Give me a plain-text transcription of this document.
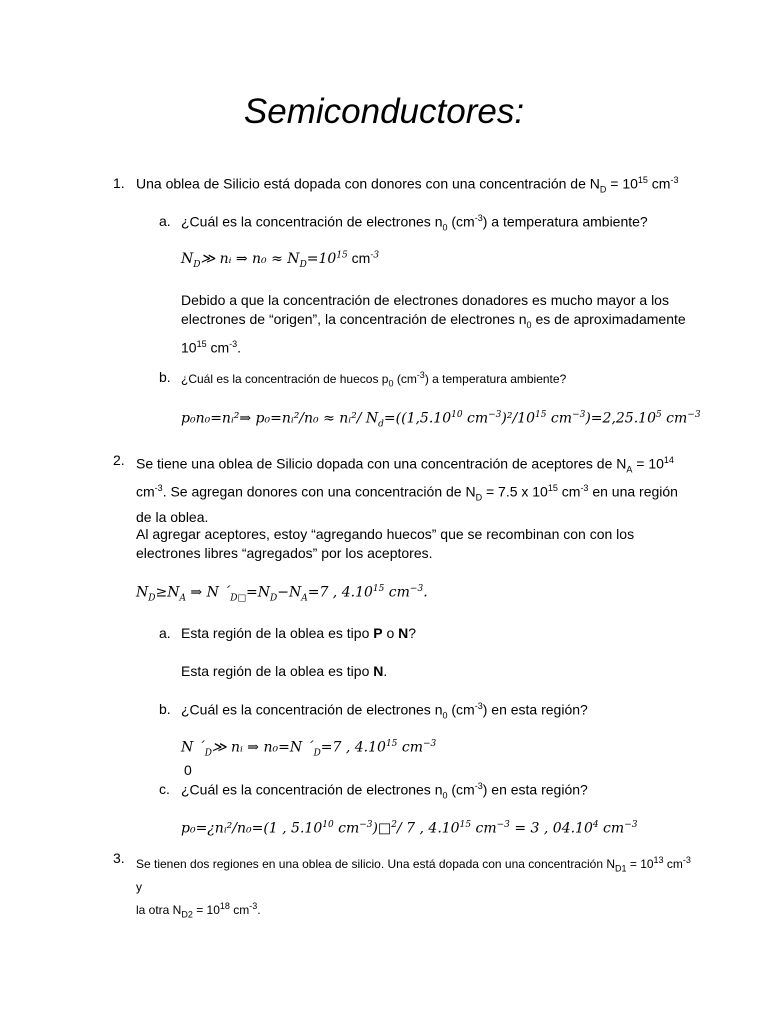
Semiconductores:
1. Una oblea de Silicio está dopada con donores con una concentración de $N_D = 10^{15}$ $cm^{-3}$
a. ¿Cuál es la concentración de electrones $n_0$ $(cm^{-3})$ a temperatura ambiente?
$N_D≫$ nᵢ ⇒ $n_0 \approx N_D=10^{15}$ $cm^{-3}$
Debido a que la concentración de electrones donadores es mucho mayor a los
electrones de “origen”, la concentración de electrones $n_0$ es de aproximadamente
$10^{15}$ $cm^{-3}$.
b. ¿Cuál es la concentración de huecos $p_0$ $(cm^{-3})$ a temperatura ambiente?
p₀n₀=nᵢ²⇒ p₀=nᵢ²/n₀ ≈ nᵢ²/ $N_d=((1,5.10^{10}$ $cm^{-3})^2/10^{15}$ $cm^{-3})=2,25.10^5$ $cm^{-3}$
2. Se tiene una oblea de Silicio dopada con una concentración de aceptores de $N_A = 10^{14}$
$cm^{-3}$. Se agregan donores con una concentración de $N_D = 7.5$ x $10^{15}$ $cm^{-3}$ en una región
de la oblea.
Al agregar aceptores, estoy “agregando huecos” que se recombinan con con los
electrones libres “agregados” por los aceptores.
$N_D\ge N_A$ ⇒ N $´_{D□}=N_D-N_A=7$ , 4.10$^{15}$ $cm^{-3}$.
a. Esta región de la oblea es tipo P o N?
Esta región de la oblea es tipo N.
b. ¿Cuál es la concentración de electrones $n_0$ $(cm^{-3})$ en esta región?
N $´_D≫$ nᵢ ⇒ n₀=N $´_D=7$ , 4.10$^{15}$ $cm^{-3}$
0
c. ¿Cuál es la concentración de electrones $n_0$ $(cm^{-3})$ en esta región?
p₀=¿nᵢ²/n₀=(1 , 5.10$^{10}$ $cm^{-3})□^2/$ 7 , 4.10$^{15}$ $cm^{-3} = 3$ , 04.10$^4$ $cm^{-3}$
3. Se tienen dos regiones en una oblea de silicio. Una está dopada con una concentración $N_{D1} = 10^{13}$ $cm^{-3}$ y
la otra $N_{D2} = 10^{18}$ $cm^{-3}$.
